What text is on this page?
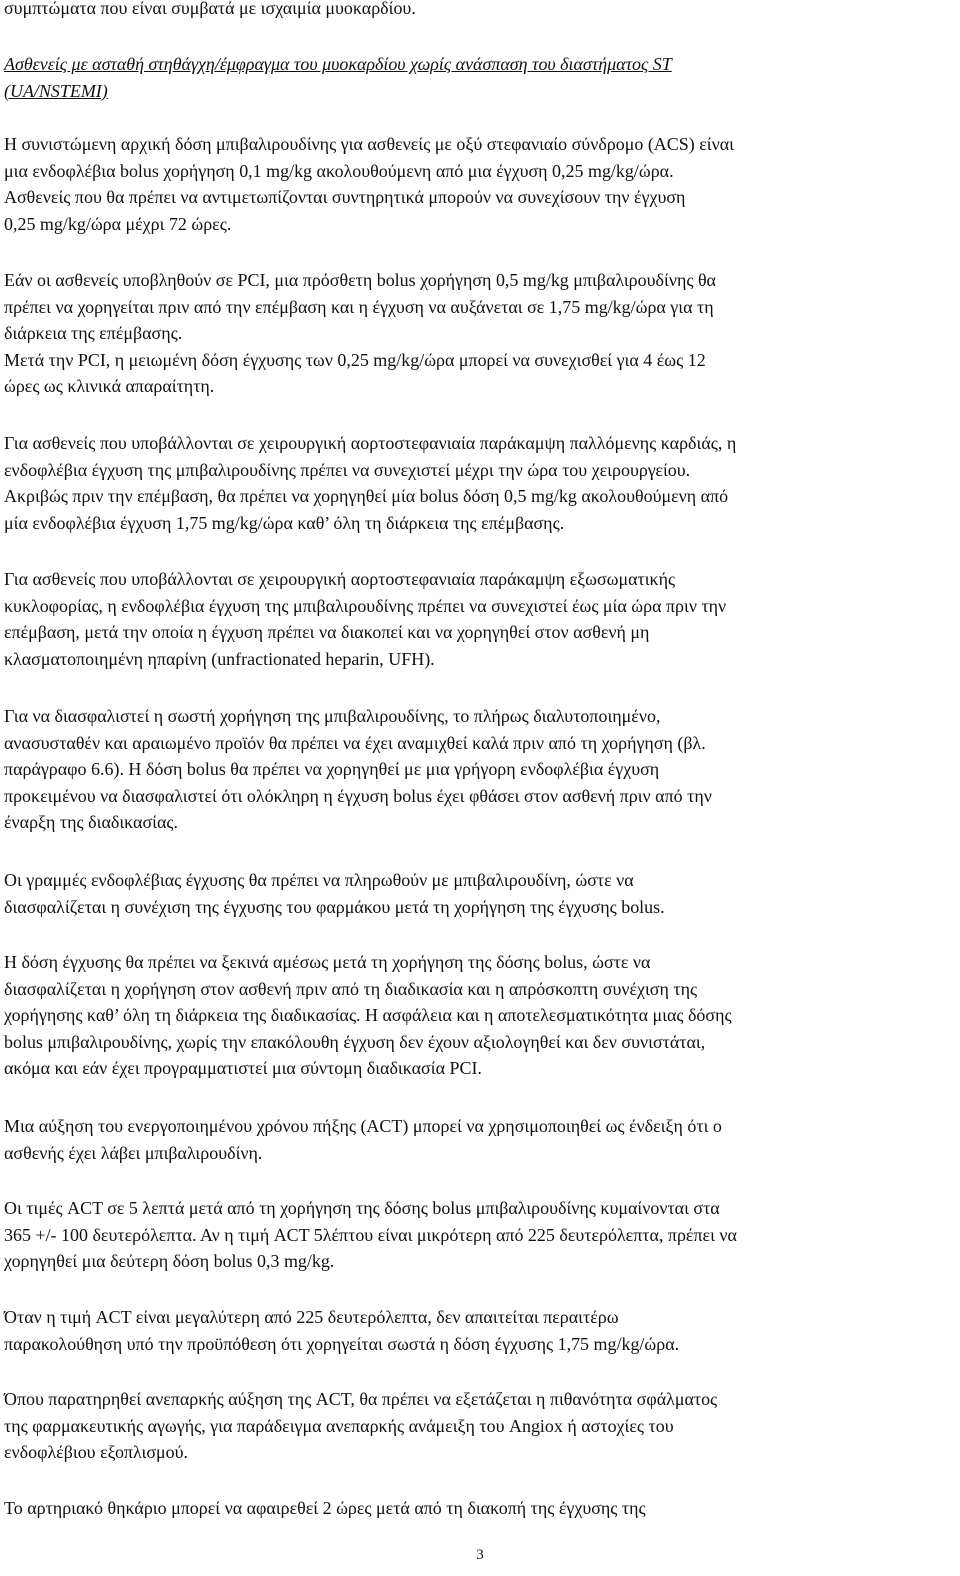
συμπτώματα που είναι συμβατά με ισχαιμία μυοκαρδίου.

Ασθενείς με ασταθή στηθάγχη/έμφραγμα του μυοκαρδίου χωρίς ανάσπαση του διαστήματος ST
(UA/NSTEMI)

Η συνιστώμενη αρχική δόση μπιβαλιρουδίνης για ασθενείς με οξύ στεφανιαίο σύνδρομο (ACS) είναι
μια ενδοφλέβια bolus χορήγηση 0,1 mg/kg ακολουθούμενη από μια έγχυση 0,25 mg/kg/ώρα.
Ασθενείς που θα πρέπει να αντιμετωπίζονται συντηρητικά μπορούν να συνεχίσουν την έγχυση
0,25 mg/kg/ώρα μέχρι 72 ώρες.

Εάν οι ασθενείς υποβληθούν σε PCI, μια πρόσθετη bolus χορήγηση 0,5 mg/kg μπιβαλιρουδίνης θα
πρέπει να χορηγείται πριν από την επέμβαση και η έγχυση να αυξάνεται σε 1,75 mg/kg/ώρα για τη
διάρκεια της επέμβασης.
Μετά την PCI, η μειωμένη δόση έγχυσης των 0,25 mg/kg/ώρα μπορεί να συνεχισθεί για 4 έως 12
ώρες ως κλινικά απαραίτητη.

Για ασθενείς που υποβάλλονται σε χειρουργική αορτοστεφανιαία παράκαμψη παλλόμενης καρδιάς, η
ενδοφλέβια έγχυση της μπιβαλιρουδίνης πρέπει να συνεχιστεί μέχρι την ώρα του χειρουργείου.
Ακριβώς πριν την επέμβαση, θα πρέπει να χορηγηθεί μία bolus δόση 0,5 mg/kg ακολουθούμενη από
μία ενδοφλέβια έγχυση 1,75 mg/kg/ώρα καθ’ όλη τη διάρκεια της επέμβασης.

Για ασθενείς που υποβάλλονται σε χειρουργική αορτοστεφανιαία παράκαμψη εξωσωματικής
κυκλοφορίας, η ενδοφλέβια έγχυση της μπιβαλιρουδίνης πρέπει να συνεχιστεί έως μία ώρα πριν την
επέμβαση, μετά την οποία η έγχυση πρέπει να διακοπεί και να χορηγηθεί στον ασθενή μη
κλασματοποιημένη ηπαρίνη (unfractionated heparin, UFH).

Για να διασφαλιστεί η σωστή χορήγηση της μπιβαλιρουδίνης, το πλήρως διαλυτοποιημένο,
ανασυσταθέν και αραιωμένο προϊόν θα πρέπει να έχει αναμιχθεί καλά πριν από τη χορήγηση (βλ.
παράγραφο 6.6). Η δόση bolus θα πρέπει να χορηγηθεί με μια γρήγορη ενδοφλέβια έγχυση
προκειμένου να διασφαλιστεί ότι ολόκληρη η έγχυση bolus έχει φθάσει στον ασθενή πριν από την
έναρξη της διαδικασίας.

Οι γραμμές ενδοφλέβιας έγχυσης θα πρέπει να πληρωθούν με μπιβαλιρουδίνη, ώστε να
διασφαλίζεται η συνέχιση της έγχυσης του φαρμάκου μετά τη χορήγηση της έγχυσης bolus.

Η δόση έγχυσης θα πρέπει να ξεκινά αμέσως μετά τη χορήγηση της δόσης bolus, ώστε να
διασφαλίζεται η χορήγηση στον ασθενή πριν από τη διαδικασία και η απρόσκοπτη συνέχιση της
χορήγησης καθ’ όλη τη διάρκεια της διαδικασίας. Η ασφάλεια και η αποτελεσματικότητα μιας δόσης
bolus μπιβαλιρουδίνης, χωρίς την επακόλουθη έγχυση δεν έχουν αξιολογηθεί και δεν συνιστάται,
ακόμα και εάν έχει προγραμματιστεί μια σύντομη διαδικασία PCI.

Μια αύξηση του ενεργοποιημένου χρόνου πήξης (ACT) μπορεί να χρησιμοποιηθεί ως ένδειξη ότι ο
ασθενής έχει λάβει μπιβαλιρουδίνη.

Οι τιμές ACT σε 5 λεπτά μετά από τη χορήγηση της δόσης bolus μπιβαλιρουδίνης κυμαίνονται στα
365 +/- 100 δευτερόλεπτα. Αν η τιμή ACT 5λέπτου είναι μικρότερη από 225 δευτερόλεπτα, πρέπει να
χορηγηθεί μια δεύτερη δόση bolus 0,3 mg/kg.

Όταν η τιμή ACT είναι μεγαλύτερη από 225 δευτερόλεπτα, δεν απαιτείται περαιτέρω
παρακολούθηση υπό την προϋπόθεση ότι χορηγείται σωστά η δόση έγχυσης 1,75 mg/kg/ώρα.

Όπου παρατηρηθεί ανεπαρκής αύξηση της ACT, θα πρέπει να εξετάζεται η πιθανότητα σφάλματος
της φαρμακευτικής αγωγής, για παράδειγμα ανεπαρκής ανάμειξη του Angiox ή αστοχίες του
ενδοφλέβιου εξοπλισμού.

Το αρτηριακό θηκάριο μπορεί να αφαιρεθεί 2 ώρες μετά από τη διακοπή της έγχυσης της

3
